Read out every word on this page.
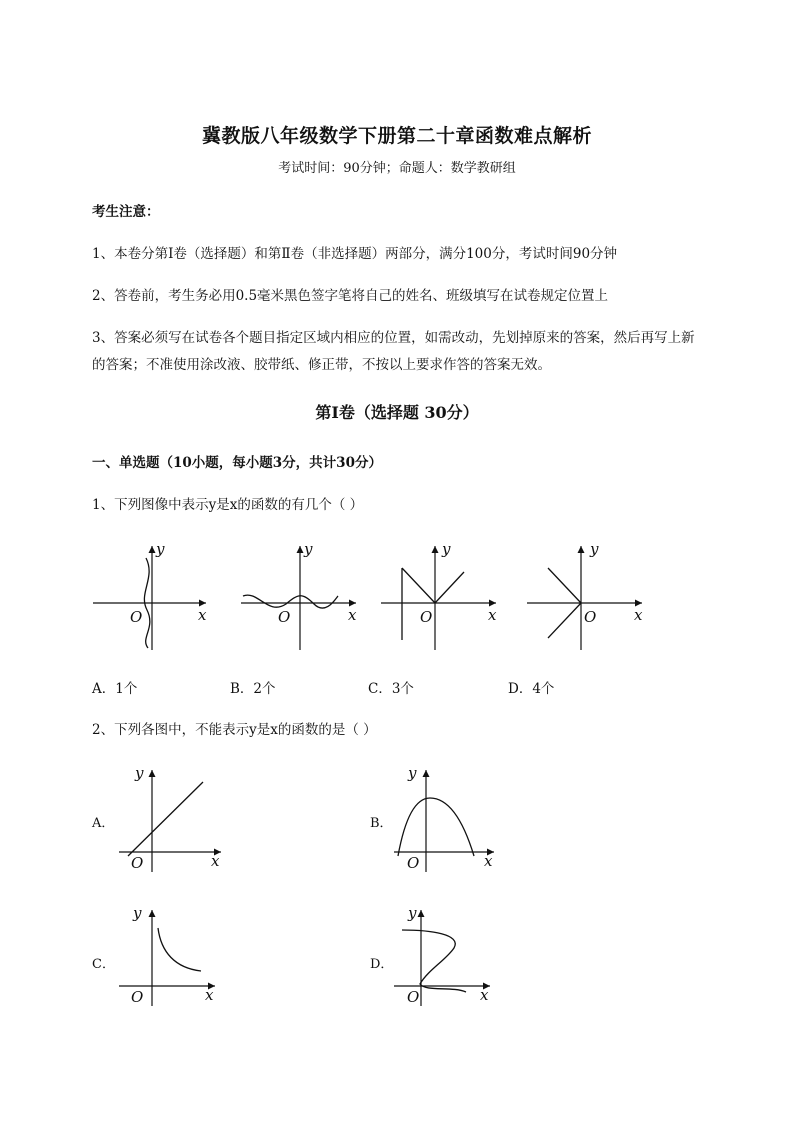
冀教版八年级数学下册第二十章函数难点解析
考试时间：90分钟；命题人：数学教研组
考生注意：
1、本卷分第I卷（选择题）和第Ⅱ卷（非选择题）两部分，满分100分，考试时间90分钟
2、答卷前，考生务必用0.5毫米黑色签字笔将自己的姓名、班级填写在试卷规定位置上
3、答案必须写在试卷各个题目指定区域内相应的位置，如需改动，先划掉原来的答案，然后再写上新
的答案；不准使用涂改液、胶带纸、修正带，不按以上要求作答的答案无效。
第I卷（选择题 30分）
一、单选题（10小题，每小题3分，共计30分）
1、下列图像中表示y是x的函数的有几个（ ）
y
x
O
y
x
O
y
x
O
y
x
O
A．1个	B．2个	C．3个	D．4个
2、下列各图中，不能表示y是x的函数的是（ ）
A．
y
x
O
B．
y
x
O
C．
y
x
O
D．
y
x
O
